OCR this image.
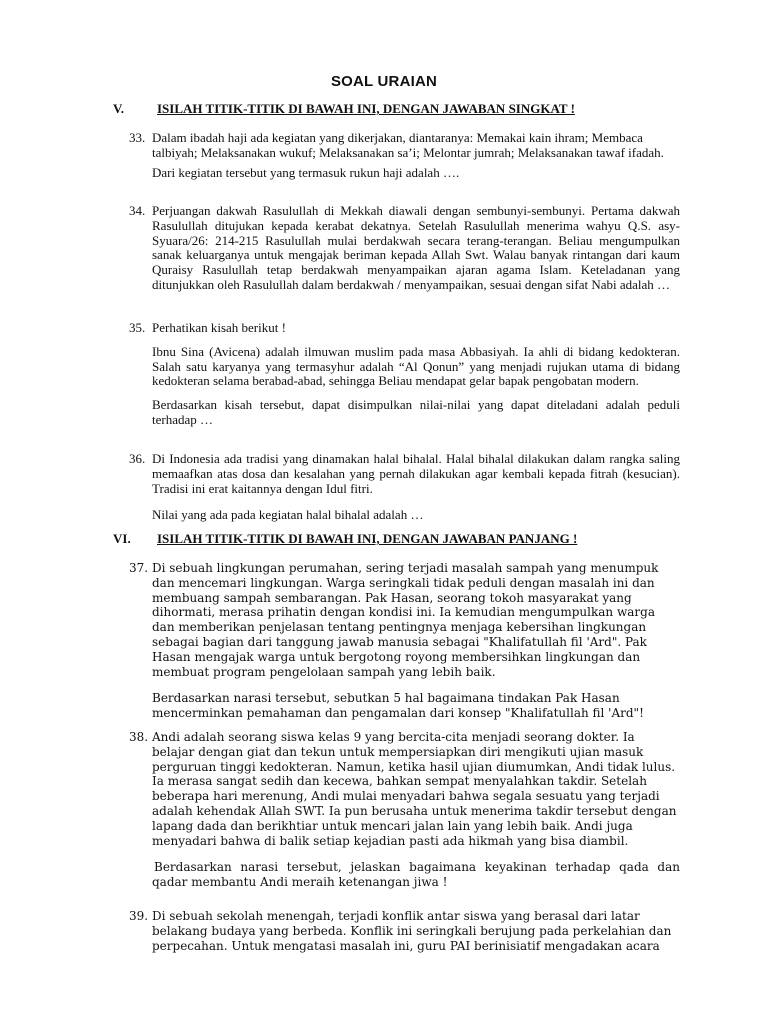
SOAL URAIAN
V.	ISILAH TITIK-TITIK DI BAWAH INI, DENGAN JAWABAN SINGKAT !
33. Dalam ibadah haji ada kegiatan yang dikerjakan, diantaranya: Memakai kain ihram; Membaca talbiyah; Melaksanakan wukuf; Melaksanakan sa’i; Melontar jumrah; Melaksanakan tawaf ifadah.

Dari kegiatan tersebut yang termasuk rukun haji adalah ….

34. Perjuangan dakwah Rasulullah di Mekkah diawali dengan sembunyi-sembunyi. Pertama dakwah Rasulullah ditujukan kepada kerabat dekatnya. Setelah Rasulullah menerima wahyu Q.S. asy-Syuara/26: 214-215 Rasulullah mulai berdakwah secara terang-terangan. Beliau mengumpulkan sanak keluarganya untuk mengajak beriman kepada Allah Swt. Walau banyak rintangan dari kaum Quraisy Rasulullah tetap berdakwah menyampaikan ajaran agama Islam. Keteladanan yang ditunjukkan oleh Rasulullah dalam berdakwah / menyampaikan, sesuai dengan sifat Nabi adalah …

35. Perhatikan kisah berikut !

Ibnu Sina (Avicena) adalah ilmuwan muslim pada masa Abbasiyah. Ia ahli di bidang kedokteran. Salah satu karyanya yang termasyhur adalah “Al Qonun” yang menjadi rujukan utama di bidang kedokteran selama berabad-abad, sehingga Beliau mendapat gelar bapak pengobatan modern.

Berdasarkan kisah tersebut, dapat disimpulkan nilai-nilai yang dapat diteladani adalah peduli terhadap …

36. Di Indonesia ada tradisi yang dinamakan halal bihalal. Halal bihalal dilakukan dalam rangka saling memaafkan atas dosa dan kesalahan yang pernah dilakukan agar kembali kepada fitrah (kesucian). Tradisi ini erat kaitannya dengan Idul fitri.

Nilai yang ada pada kegiatan halal bihalal adalah …

VI. ISILAH TITIK-TITIK DI BAWAH INI, DENGAN JAWABAN PANJANG !
37. Di sebuah lingkungan perumahan, sering terjadi masalah sampah yang menumpuk dan mencemari lingkungan. Warga seringkali tidak peduli dengan masalah ini dan membuang sampah sembarangan. Pak Hasan, seorang tokoh masyarakat yang dihormati, merasa prihatin dengan kondisi ini. Ia kemudian mengumpulkan warga dan memberikan penjelasan tentang pentingnya menjaga kebersihan lingkungan sebagai bagian dari tanggung jawab manusia sebagai "Khalifatullah fil 'Ard". Pak Hasan mengajak warga untuk bergotong royong membersihkan lingkungan dan membuat program pengelolaan sampah yang lebih baik.

Berdasarkan narasi tersebut, sebutkan 5 hal bagaimana tindakan Pak Hasan mencerminkan pemahaman dan pengamalan dari konsep "Khalifatullah fil 'Ard"!

38. Andi adalah seorang siswa kelas 9 yang bercita-cita menjadi seorang dokter. Ia belajar dengan giat dan tekun untuk mempersiapkan diri mengikuti ujian masuk perguruan tinggi kedokteran. Namun, ketika hasil ujian diumumkan, Andi tidak lulus. Ia merasa sangat sedih dan kecewa, bahkan sempat menyalahkan takdir. Setelah beberapa hari merenung, Andi mulai menyadari bahwa segala sesuatu yang terjadi adalah kehendak Allah SWT. Ia pun berusaha untuk menerima takdir tersebut dengan lapang dada dan berikhtiar untuk mencari jalan lain yang lebih baik. Andi juga menyadari bahwa di balik setiap kejadian pasti ada hikmah yang bisa diambil.

Berdasarkan narasi tersebut, jelaskan bagaimana keyakinan terhadap qada dan qadar membantu Andi meraih ketenangan jiwa !

39. Di sebuah sekolah menengah, terjadi konflik antar siswa yang berasal dari latar belakang budaya yang berbeda. Konflik ini seringkali berujung pada perkelahian dan perpecahan. Untuk mengatasi masalah ini, guru PAI berinisiatif mengadakan acara
